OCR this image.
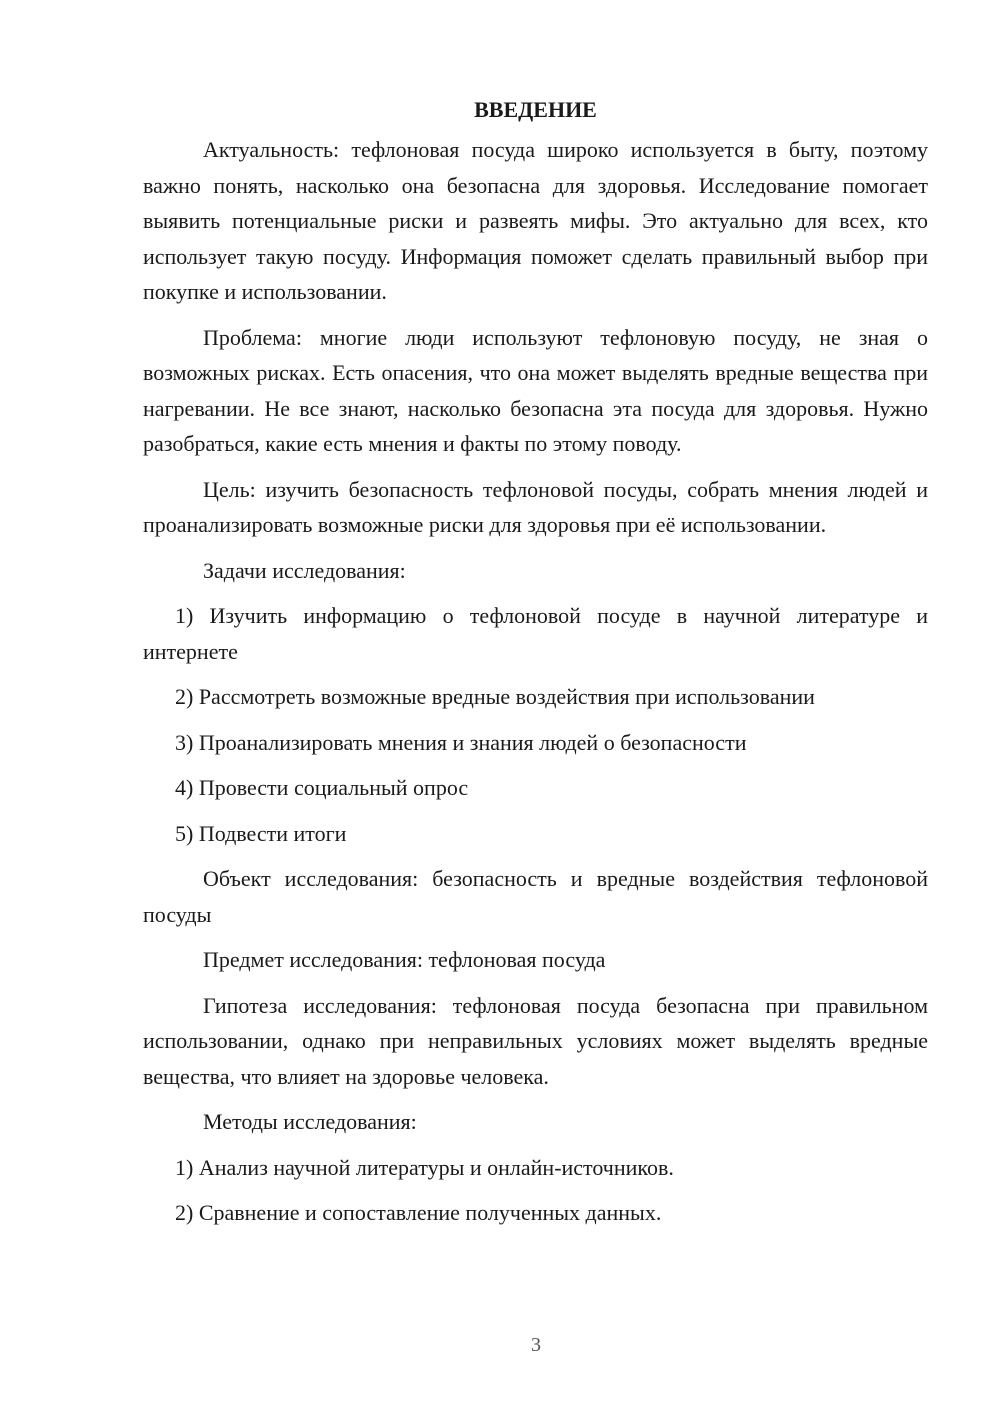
ВВЕДЕНИЕ

Актуальность: тефлоновая посуда широко используется в быту, поэтому важно понять, насколько она безопасна для здоровья. Исследование помогает выявить потенциальные риски и развеять мифы. Это актуально для всех, кто использует такую посуду. Информация поможет сделать правильный выбор при покупке и использовании.

Проблема: многие люди используют тефлоновую посуду, не зная о возможных рисках. Есть опасения, что она может выделять вредные вещества при нагревании. Не все знают, насколько безопасна эта посуда для здоровья. Нужно разобраться, какие есть мнения и факты по этому поводу.

Цель: изучить безопасность тефлоновой посуды, собрать мнения людей и проанализировать возможные риски для здоровья при её использовании.

Задачи исследования:

1) Изучить информацию о тефлоновой посуде в научной литературе и интернете

2) Рассмотреть возможные вредные воздействия при использовании

3) Проанализировать мнения и знания людей о безопасности

4) Провести социальный опрос

5) Подвести итоги

Объект исследования: безопасность и вредные воздействия тефлоновой посуды

Предмет исследования: тефлоновая посуда

Гипотеза исследования: тефлоновая посуда безопасна при правильном использовании, однако при неправильных условиях может выделять вредные вещества, что влияет на здоровье человека.

Методы исследования:

1) Анализ научной литературы и онлайн-источников.

2) Сравнение и сопоставление полученных данных.

3
